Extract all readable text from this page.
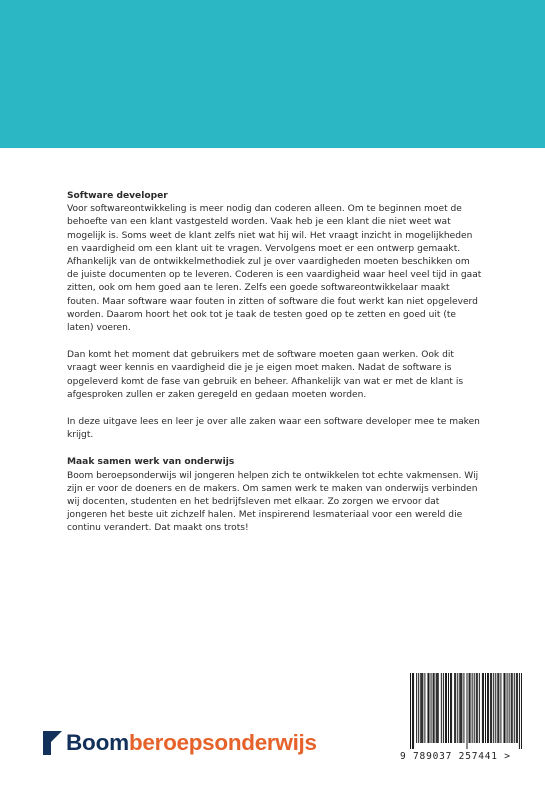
Software developer
Voor softwareontwikkeling is meer nodig dan coderen alleen. Om te beginnen moet de behoefte van een klant vastgesteld worden. Vaak heb je een klant die niet weet wat mogelijk is. Soms weet de klant zelfs niet wat hij wil. Het vraagt inzicht in mogelijkheden en vaardigheid om een klant uit te vragen. Vervolgens moet er een ontwerp gemaakt. Afhankelijk van de ontwikkelmethodiek zul je over vaardigheden moeten beschikken om de juiste documenten op te leveren. Coderen is een vaardigheid waar heel veel tijd in gaat zitten, ook om hem goed aan te leren. Zelfs een goede softwareontwikkelaar maakt fouten. Maar software waar fouten in zitten of software die fout werkt kan niet opgeleverd worden. Daarom hoort het ook tot je taak de testen goed op te zetten en goed uit (te laten) voeren.

Dan komt het moment dat gebruikers met de software moeten gaan werken. Ook dit vraagt weer kennis en vaardigheid die je je eigen moet maken. Nadat de software is opgeleverd komt de fase van gebruik en beheer. Afhankelijk van wat er met de klant is afgesproken zullen er zaken geregeld en gedaan moeten worden.

In deze uitgave lees en leer je over alle zaken waar een software developer mee te maken krijgt.

Maak samen werk van onderwijs
Boom beroepsonderwijs wil jongeren helpen zich te ontwikkelen tot echte vakmensen. Wij zijn er voor de doeners en de makers. Om samen werk te maken van onderwijs verbinden wij docenten, studenten en het bedrijfsleven met elkaar. Zo zorgen we ervoor dat jongeren het beste uit zichzelf halen. Met inspirerend lesmateriaal voor een wereld die continu verandert. Dat maakt ons trots!

Boom beroepsonderwijs
9 789037 257441 >
